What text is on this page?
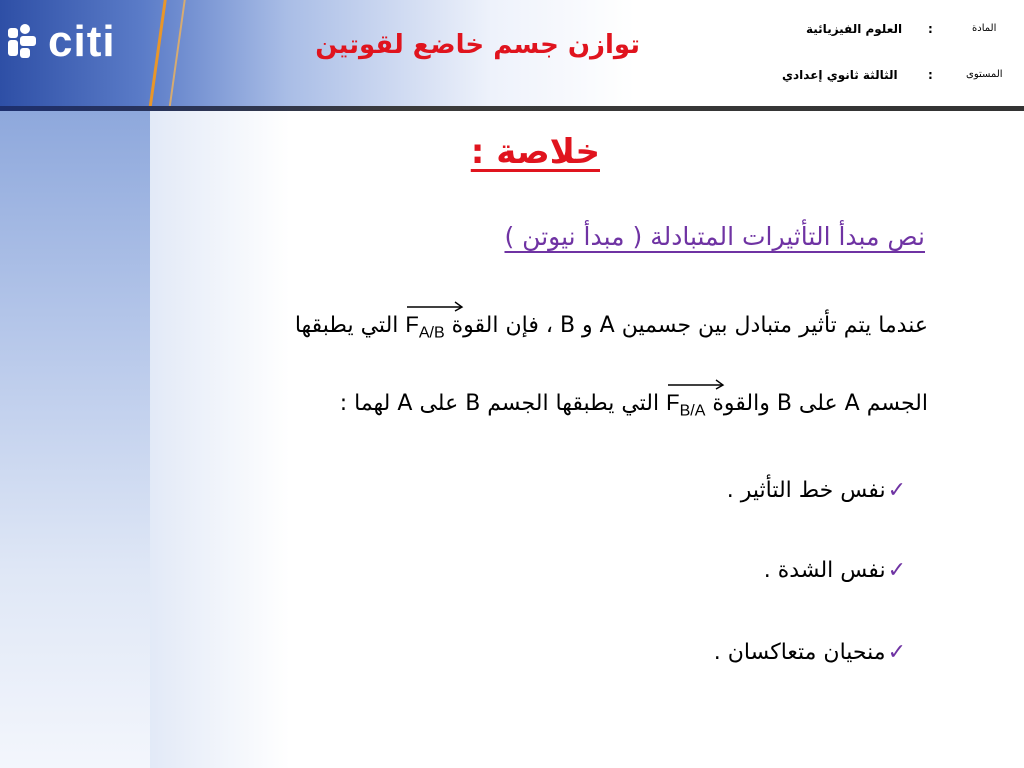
citi	توازن جسم خاضع لقوتين
المادة
:
العلوم الفيزيائية
المستوى
:
الثالثة ثانوي إعدادي
خلاصة :
نص مبدأ التأثيرات المتبادلة ( مبدأ نيوتن )
عندما يتم تأثير متبادل بين جسمين A و B ، فإن القوة
$F_{A/B}$ التي يطبقها
الجسم A على B والقوة
$F_{B/A}$ التي يطبقها الجسم B على A لهما :
✓نفس خط التأثير .
✓نفس الشدة .
✓منحيان متعاكسان .
